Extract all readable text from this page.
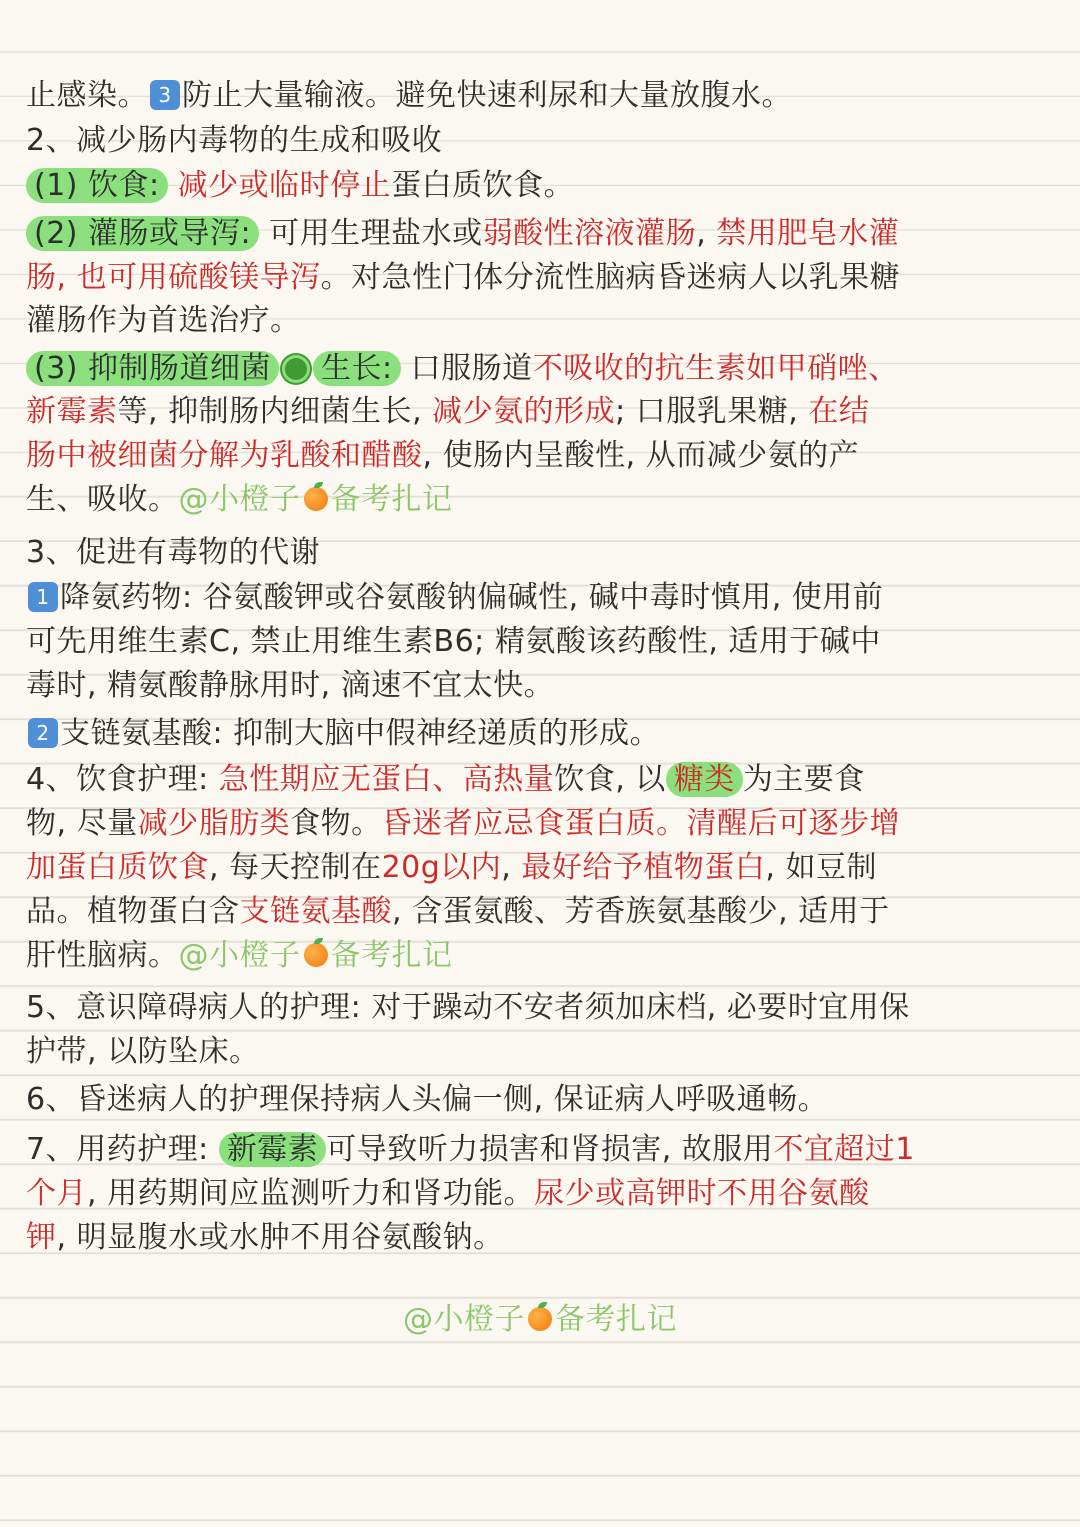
止感染。 3 防止大量输液。避免快速利尿和大量放腹水。
2、减少肠内毒物的生成和吸收
(1) 饮食: 减少或临时停止蛋白质饮食。
(2) 灌肠或导泻: 可用生理盐水或弱酸性溶液灌肠, 禁用肥皂水灌
肠, 也可用硫酸镁导泻。对急性门体分流性脑病昏迷病人以乳果糖
灌肠作为首选治疗。
(3) 抑制肠道细菌 生长: 口服肠道不吸收的抗生素如甲硝唑、
新霉素等, 抑制肠内细菌生长, 减少氨的形成; 口服乳果糖, 在结
肠中被细菌分解为乳酸和醋酸, 使肠内呈酸性, 从而减少氨的产
生、吸收。@小橙子 备考扎记
3、促进有毒物的代谢
1 降氨药物: 谷氨酸钾或谷氨酸钠偏碱性, 碱中毒时慎用, 使用前
可先用维生素C, 禁止用维生素B6; 精氨酸该药酸性, 适用于碱中
毒时, 精氨酸静脉用时, 滴速不宜太快。
2 支链氨基酸: 抑制大脑中假神经递质的形成。
4、饮食护理: 急性期应无蛋白、高热量饮食, 以 糖类 为主要食
物, 尽量减少脂肪类食物。昏迷者应忌食蛋白质。清醒后可逐步增
加蛋白质饮食, 每天控制在20g以内, 最好给予植物蛋白, 如豆制
品。植物蛋白含支链氨基酸, 含蛋氨酸、芳香族氨基酸少, 适用于
肝性脑病。@小橙子 备考扎记
5、意识障碍病人的护理: 对于躁动不安者须加床档, 必要时宜用保
护带, 以防坠床。
6、昏迷病人的护理保持病人头偏一侧, 保证病人呼吸通畅。
7、用药护理: 新霉素 可导致听力损害和肾损害, 故服用不宜超过1
个月, 用药期间应监测听力和肾功能。尿少或高钾时不用谷氨酸
钾, 明显腹水或水肿不用谷氨酸钠。
@小橙子 备考扎记
